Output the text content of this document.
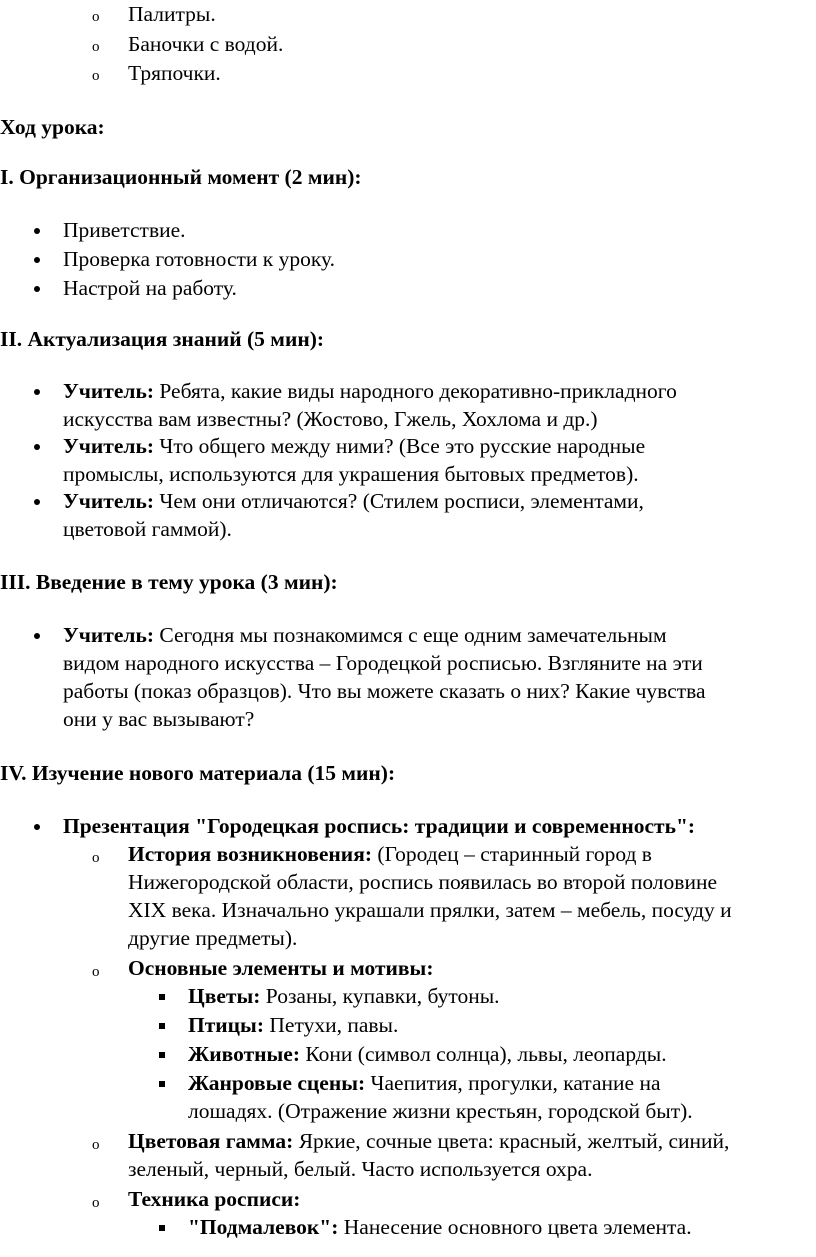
o Палитры.
o Баночки с водой.
o Тряпочки.
Ход урока:
I. Организационный момент (2 мин):
Приветствие.
Проверка готовности к уроку.
Настрой на работу.
II. Актуализация знаний (5 мин):
Учитель: Ребята, какие виды народного декоративно-прикладного
искусства вам известны? (Жостово, Гжель, Хохлома и др.)
Учитель: Что общего между ними? (Все это русские народные
промыслы, используются для украшения бытовых предметов).
Учитель: Чем они отличаются? (Стилем росписи, элементами,
цветовой гаммой).
III. Введение в тему урока (3 мин):
Учитель: Сегодня мы познакомимся с еще одним замечательным
видом народного искусства – Городецкой росписью. Взгляните на эти
работы (показ образцов). Что вы можете сказать о них? Какие чувства
они у вас вызывают?
IV. Изучение нового материала (15 мин):
Презентация "Городецкая роспись: традиции и современность":
o История возникновения: (Городец – старинный город в
Нижегородской области, роспись появилась во второй половине
XIX века. Изначально украшали прялки, затем – мебель, посуду и
другие предметы).
o Основные элементы и мотивы:
Цветы: Розаны, купавки, бутоны.
Птицы: Петухи, павы.
Животные: Кони (символ солнца), львы, леопарды.
Жанровые сцены: Чаепития, прогулки, катание на
лошадях. (Отражение жизни крестьян, городской быт).
o Цветовая гамма: Яркие, сочные цвета: красный, желтый, синий,
зеленый, черный, белый. Часто используется охра.
o Техника росписи:
"Подмалевок": Нанесение основного цвета элемента.
